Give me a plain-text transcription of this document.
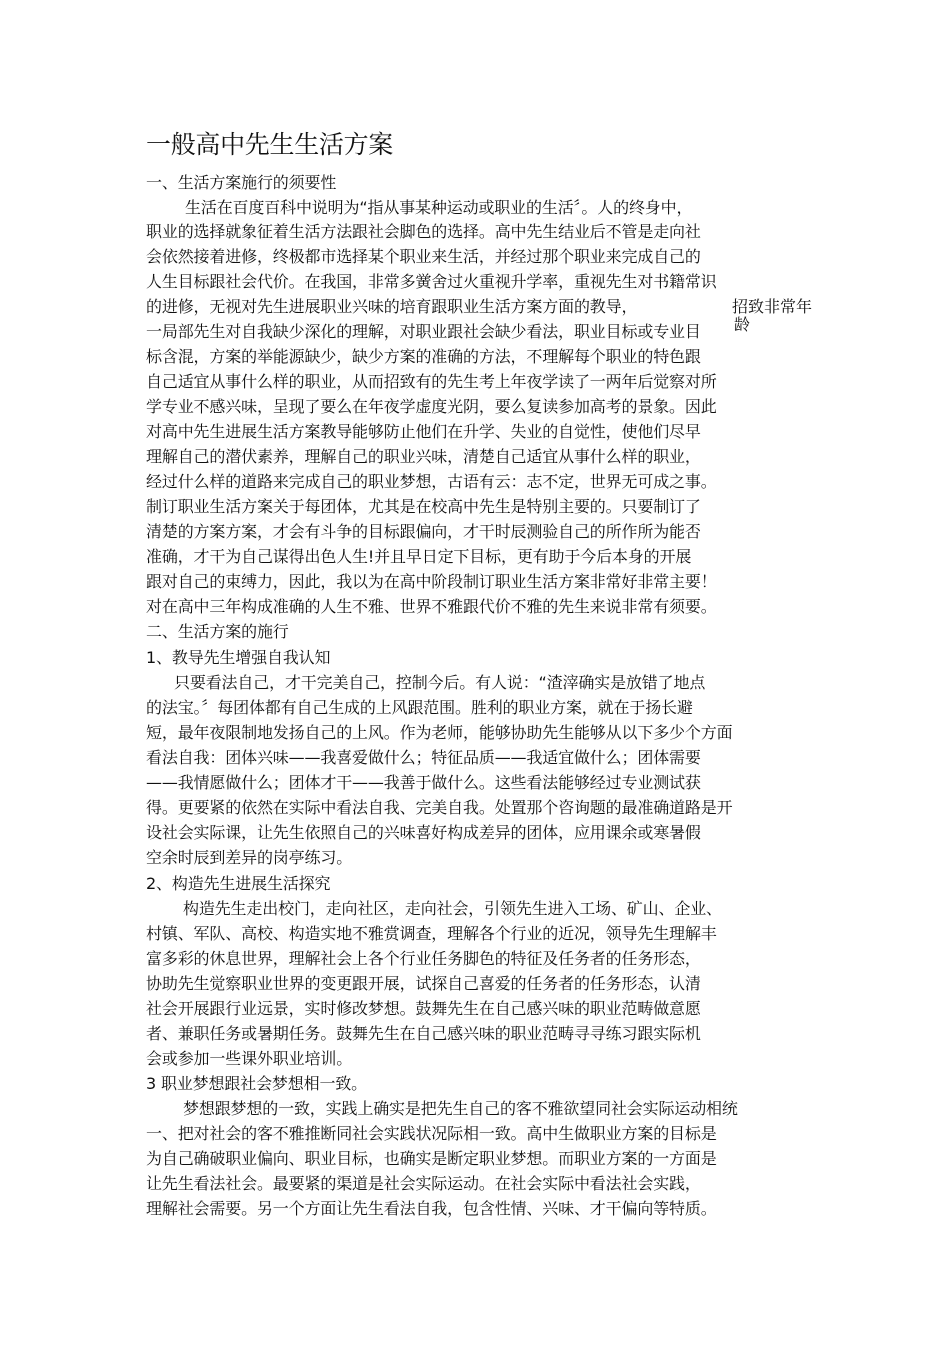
一般高中先生生活方案
一、生活方案施行的须要性
生活在百度百科中说明为“指从事某种运动或职业的生活〞。人的终身中，
职业的选择就象征着生活方法跟社会脚色的选择。高中先生结业后不管是走向社
会依然接着进修，终极都市选择某个职业来生活，并经过那个职业来完成自己的
人生目标跟社会代价。在我国，非常多黉舍过火重视升学率，重视先生对书籍常识
的进修，无视对先生进展职业兴味的培育跟职业生活方案方面的教导，	招致非常年
一局部先生对自我缺少深化的理解，对职业跟社会缺少看法，职业目标或专业目 龄
标含混，方案的举能源缺少，缺少方案的准确的方法，不理解每个职业的特色跟
自己适宜从事什么样的职业，从而招致有的先生考上年夜学读了一两年后觉察对所
学专业不感兴味，呈现了要么在年夜学虚度光阴，要么复读参加高考的景象。因此
对高中先生进展生活方案教导能够防止他们在升学、失业的自觉性，使他们尽早
理解自己的潜伏素养，理解自己的职业兴味，清楚自己适宜从事什么样的职业，
经过什么样的道路来完成自己的职业梦想，古语有云：志不定，世界无可成之事。
制订职业生活方案关于每团体，尤其是在校高中先生是特别主要的。只要制订了
清楚的方案方案，才会有斗争的目标跟偏向，才干时辰测验自己的所作所为能否
准确，才干为自己谋得出色人生!并且早日定下目标，更有助于今后本身的开展
跟对自己的束缚力，因此，我以为在高中阶段制订职业生活方案非常好非常主要！
对在高中三年构成准确的人生不雅、世界不雅跟代价不雅的先生来说非常有须要。
二、生活方案的施行
1、教导先生增强自我认知
只要看法自己，才干完美自己，控制今后。有人说：“渣滓确实是放错了地点
的法宝。〞每团体都有自己生成的上风跟范围。胜利的职业方案，就在于扬长避
短，最年夜限制地发扬自己的上风。作为老师，能够协助先生能够从以下多少个方面
看法自我：团体兴味——我喜爱做什么；特征品质——我适宜做什么；团体需要
——我情愿做什么；团体才干——我善于做什么。这些看法能够经过专业测试获
得。更要紧的依然在实际中看法自我、完美自我。处置那个咨询题的最准确道路是开
设社会实际课，让先生依照自己的兴味喜好构成差异的团体，应用课余或寒暑假
空余时辰到差异的岗亭练习。
2、构造先生进展生活探究
构造先生走出校门，走向社区，走向社会，引领先生进入工场、矿山、企业、
村镇、军队、高校、构造实地不雅赏调查，理解各个行业的近况，领导先生理解丰
富多彩的休息世界，理解社会上各个行业任务脚色的特征及任务者的任务形态，
协助先生觉察职业世界的变更跟开展，试探自己喜爱的任务者的任务形态，认清
社会开展跟行业远景，实时修改梦想。鼓舞先生在自己感兴味的职业范畴做意愿
者、兼职任务或暑期任务。鼓舞先生在自己感兴味的职业范畴寻寻练习跟实际机
会或参加一些课外职业培训。
3 职业梦想跟社会梦想相一致。
梦想跟梦想的一致，实践上确实是把先生自己的客不雅欲望同社会实际运动相统
一、把对社会的客不雅推断同社会实践状况际相一致。高中生做职业方案的目标是
为自己确破职业偏向、职业目标，也确实是断定职业梦想。而职业方案的一方面是
让先生看法社会。最要紧的渠道是社会实际运动。在社会实际中看法社会实践，
理解社会需要。另一个方面让先生看法自我，包含性情、兴味、才干偏向等特质。
